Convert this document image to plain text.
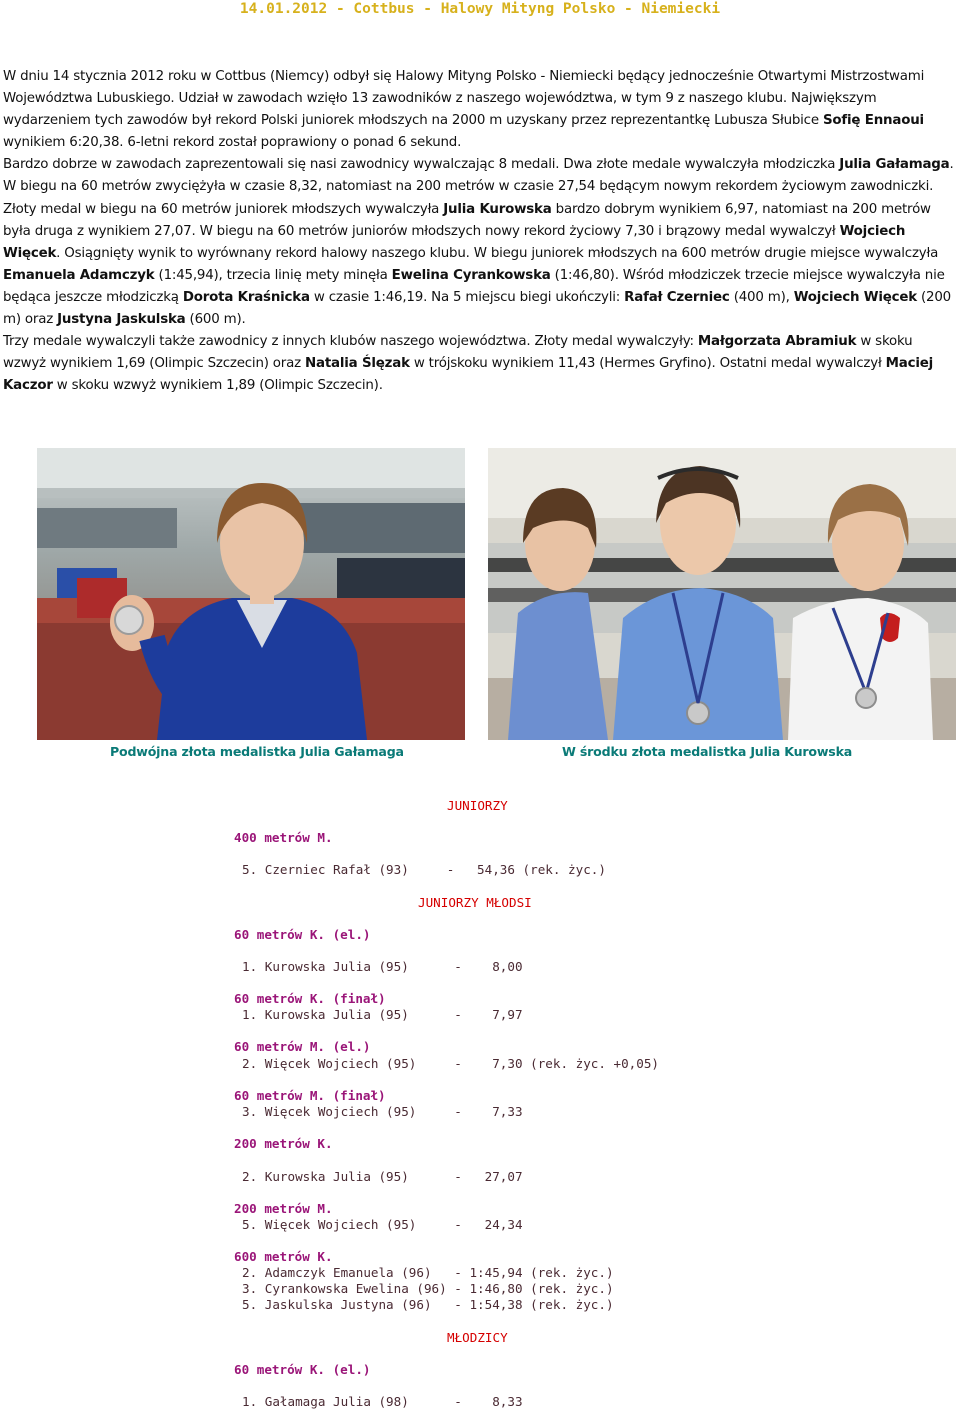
14.01.2012 - Cottbus - Halowy Mityng Polsko - Niemiecki

W dniu 14 stycznia 2012 roku w Cottbus (Niemcy) odbył się Halowy Mityng Polsko - Niemiecki będący jednocześnie Otwartymi Mistrzostwami Województwa Lubuskiego. Udział w zawodach wzięło 13 zawodników z naszego województwa, w tym 9 z naszego klubu. Największym wydarzeniem tych zawodów był rekord Polski juniorek młodszych na 2000 m uzyskany przez reprezentantkę Lubusza Słubice Sofię Ennaoui wynikiem 6:20,38. 6-letni rekord został poprawiony o ponad 6 sekund.

Bardzo dobrze w zawodach zaprezentowali się nasi zawodnicy wywalczając 8 medali. Dwa złote medale wywalczyła młodziczka Julia Gałamaga. W biegu na 60 metrów zwyciężyła w czasie 8,32, natomiast na 200 metrów w czasie 27,54 będącym nowym rekordem życiowym zawodniczki. Złoty medal w biegu na 60 metrów juniorek młodszych wywalczyła Julia Kurowska bardzo dobrym wynikiem 6,97, natomiast na 200 metrów była druga z wynikiem 27,07. W biegu na 60 metrów juniorów młodszych nowy rekord życiowy 7,30 i brązowy medal wywalczył Wojciech Więcek. Osiągnięty wynik to wyrównany rekord halowy naszego klubu. W biegu juniorek młodszych na 600 metrów drugie miejsce wywalczyła Emanuela Adamczyk (1:45,94), trzecia linię mety minęła Ewelina Cyrankowska (1:46,80). Wśród młodziczek trzecie miejsce wywalczyła nie będąca jeszcze młodziczką Dorota Kraśnicka w czasie 1:46,19. Na 5 miejscu biegi ukończyli: Rafał Czerniec (400 m), Wojciech Więcek (200 m) oraz Justyna Jaskulska (600 m).

Trzy medale wywalczyli także zawodnicy z innych klubów naszego województwa. Złoty medal wywalczyły: Małgorzata Abramiuk w skoku wzwyż wynikiem 1,69 (Olimpic Szczecin) oraz Natalia Ślęzak w trójskoku wynikiem 11,43 (Hermes Gryfino). Ostatni medal wywalczył Maciej Kaczor w skoku wzwyż wynikiem 1,89 (Olimpic Szczecin).

Podwójna złota medalistka Julia Gałamaga	W środku złota medalistka Julia Kurowska
JUNIORZY
400 metrów M.
5. Czerniec Rafał (93)     -   54,36 (rek. życ.)
JUNIORZY MŁODSI
60 metrów K. (el.)
1. Kurowska Julia (95)      -    8,00
60 metrów K. (finał)
1. Kurowska Julia (95)      -    7,97
60 metrów M. (el.)
2. Więcek Wojciech (95)     -    7,30 (rek. życ. +0,05)
60 metrów M. (finał)
3. Więcek Wojciech (95)     -    7,33
200 metrów K.
2. Kurowska Julia (95)      -   27,07
200 metrów M.
5. Więcek Wojciech (95)     -   24,34
600 metrów K.
2. Adamczyk Emanuela (96)   - 1:45,94 (rek. życ.)
3. Cyrankowska Ewelina (96) - 1:46,80 (rek. życ.)
5. Jaskulska Justyna (96)   - 1:54,38 (rek. życ.)
MŁODZICY
60 metrów K. (el.)
1. Gałamaga Julia (98)      -    8,33
